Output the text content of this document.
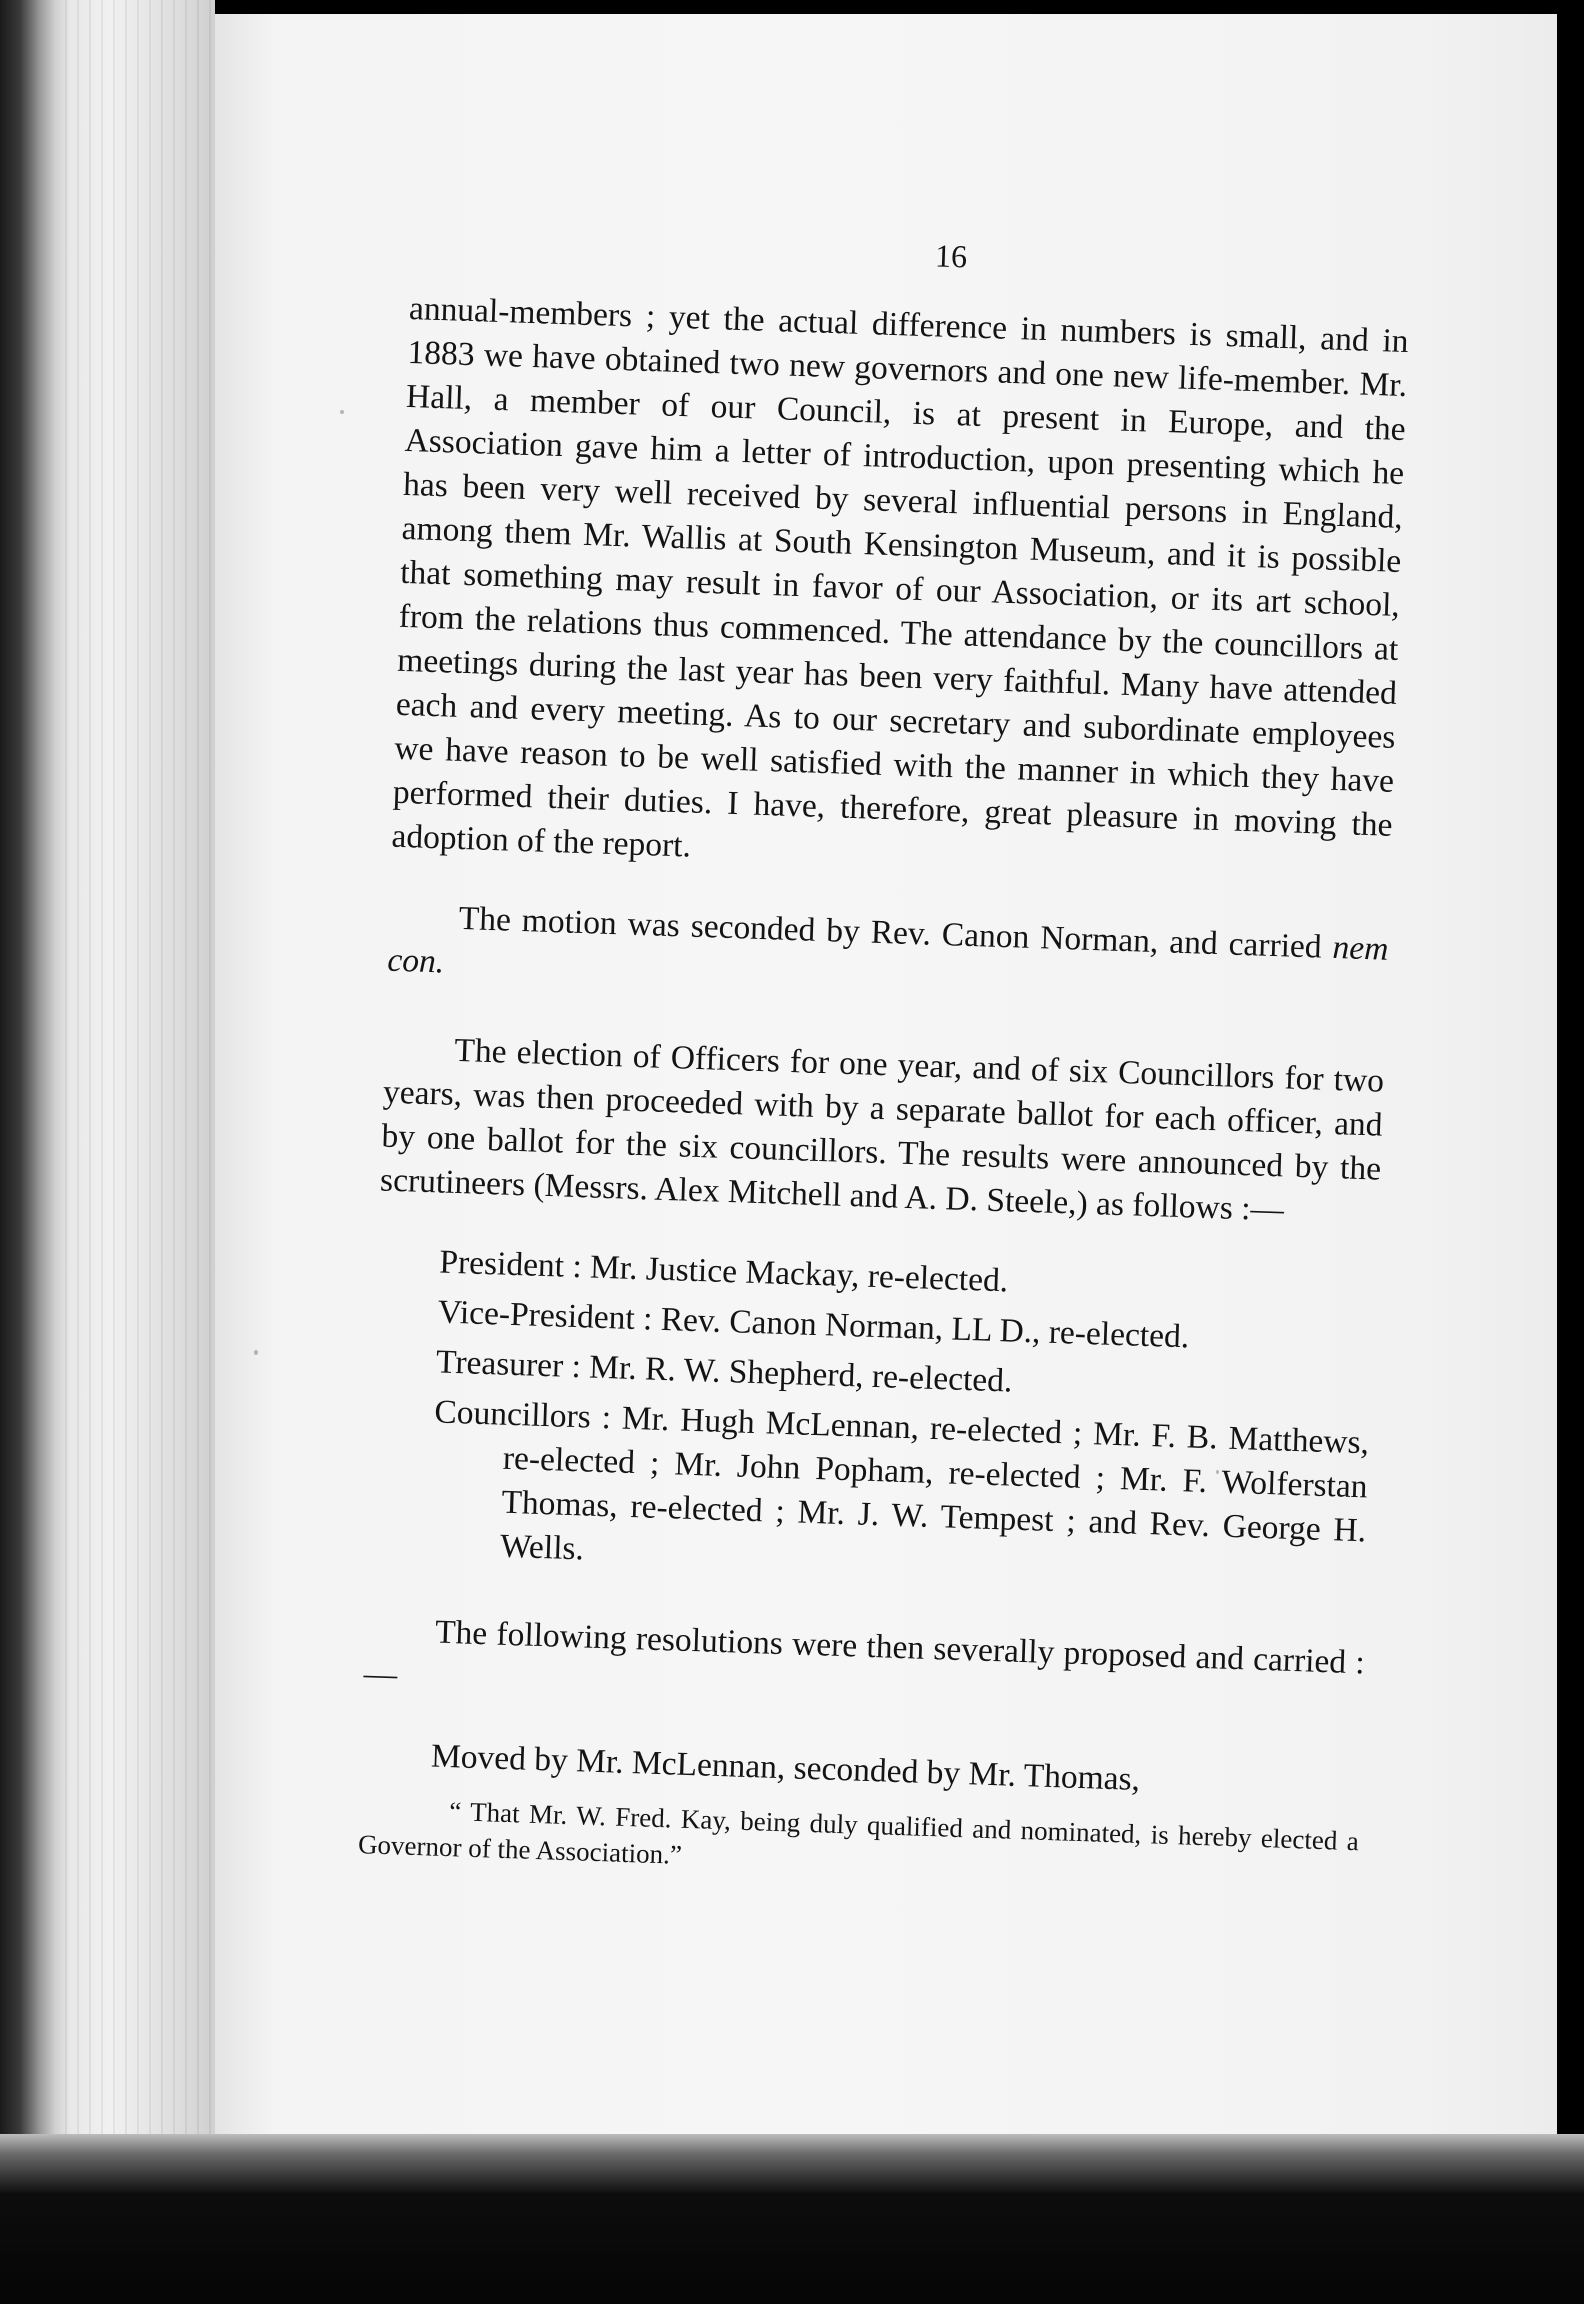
16

annual-members ; yet the actual difference in numbers is small, and in 1883 we have obtained two new governors and one new life-member. Mr. Hall, a member of our Council, is at present in Europe, and the Association gave him a letter of introduction, upon presenting which he has been very well received by several influential persons in England, among them Mr. Wallis at South Kensington Museum, and it is possible that something may result in favor of our Association, or its art school, from the relations thus commenced. The attendance by the councillors at meetings during the last year has been very faithful. Many have attended each and every meeting. As to our secretary and subordinate employees we have reason to be well satisfied with the manner in which they have performed their duties. I have, therefore, great pleasure in moving the adoption of the report.

The motion was seconded by Rev. Canon Norman, and carried nem con.

The election of Officers for one year, and of six Councillors for two years, was then proceeded with by a separate ballot for each officer, and by one ballot for the six councillors. The results were announced by the scrutineers (Messrs. Alex Mitchell and A. D. Steele,) as follows :—

President : Mr. Justice Mackay, re-elected.
Vice-President : Rev. Canon Norman, LL D., re-elected.
Treasurer : Mr. R. W. Shepherd, re-elected.
Councillors : Mr. Hugh McLennan, re-elected ; Mr. F. B. Matthews, re-elected ; Mr. John Popham, re-elected ; Mr. F. Wolferstan Thomas, re-elected ; Mr. J. W. Tempest ; and Rev. George H. Wells.

The following resolutions were then severally proposed and carried :—

Moved by Mr. McLennan, seconded by Mr. Thomas,

“ That Mr. W. Fred. Kay, being duly qualified and nominated, is hereby elected a Governor of the Association.”
